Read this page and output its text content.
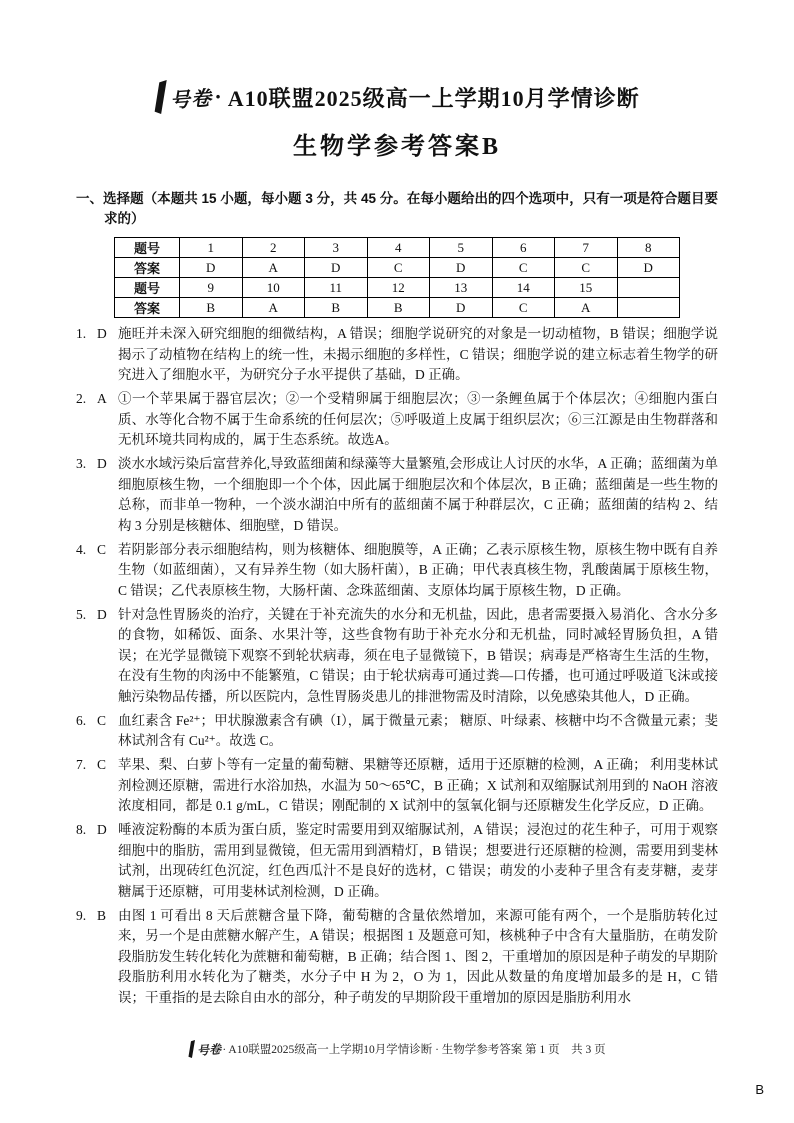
号卷 · A10联盟2025级高一上学期10月学情诊断
生物学参考答案B
一、选择题（本题共 15 小题，每小题 3 分，共 45 分。在每小题给出的四个选项中，只有一项是符合题目要求的）
题号	1	2	3	4	5	6	7	8
答案	D	A	D	C	D	C	C	D
题号	9	10	11	12	13	14	15	
答案	B	A	B	B	D	C	A	
1. D 施旺并未深入研究细胞的细微结构，A 错误；细胞学说研究的对象是一切动植物，B 错误；细胞学说揭示了动植物在结构上的统一性，未揭示细胞的多样性，C 错误；细胞学说的建立标志着生物学的研究进入了细胞水平，为研究分子水平提供了基础，D 正确。
2. A ①一个苹果属于器官层次；②一个受精卵属于细胞层次；③一条鲤鱼属于个体层次；④细胞内蛋白质、水等化合物不属于生命系统的任何层次；⑤呼吸道上皮属于组织层次；⑥三江源是由生物群落和无机环境共同构成的，属于生态系统。故选A。
3. D 淡水水域污染后富营养化,导致蓝细菌和绿藻等大量繁殖,会形成让人讨厌的水华，A 正确；蓝细菌为单细胞原核生物，一个细胞即一个个体，因此属于细胞层次和个体层次，B 正确；蓝细菌是一些生物的总称，而非单一物种，一个淡水湖泊中所有的蓝细菌不属于种群层次，C 正确；蓝细菌的结构 2、结构 3 分别是核糖体、细胞壁，D 错误。
4. C 若阴影部分表示细胞结构，则为核糖体、细胞膜等，A 正确；乙表示原核生物，原核生物中既有自养生物（如蓝细菌），又有异养生物（如大肠杆菌），B 正确；甲代表真核生物，乳酸菌属于原核生物，C 错误；乙代表原核生物，大肠杆菌、念珠蓝细菌、支原体均属于原核生物，D 正确。
5. D 针对急性胃肠炎的治疗，关键在于补充流失的水分和无机盐，因此，患者需要摄入易消化、含水分多的食物，如稀饭、面条、水果汁等，这些食物有助于补充水分和无机盐，同时减轻胃肠负担，A 错误；在光学显微镜下观察不到轮状病毒，须在电子显微镜下，B 错误；病毒是严格寄生生活的生物，在没有生物的肉汤中不能繁殖，C 错误；由于轮状病毒可通过粪—口传播，也可通过呼吸道飞沫或接触污染物品传播，所以医院内，急性胃肠炎患儿的排泄物需及时清除，以免感染其他人，D 正确。
6. C 血红素含 Fe²⁺；甲状腺激素含有碘（I），属于微量元素； 糖原、叶绿素、核糖中均不含微量元素；斐林试剂含有 Cu²⁺。故选 C。
7. C 苹果、梨、白萝卜等有一定量的葡萄糖、果糖等还原糖，适用于还原糖的检测，A 正确； 利用斐林试剂检测还原糖，需进行水浴加热，水温为 50～65℃，B 正确；X 试剂和双缩脲试剂用到的 NaOH 溶液浓度相同，都是 0.1 g/mL，C 错误；刚配制的 X 试剂中的氢氧化铜与还原糖发生化学反应，D 正确。
8. D 唾液淀粉酶的本质为蛋白质，鉴定时需要用到双缩脲试剂，A 错误；浸泡过的花生种子，可用于观察细胞中的脂肪，需用到显微镜，但无需用到酒精灯，B 错误；想要进行还原糖的检测，需要用到斐林试剂，出现砖红色沉淀，红色西瓜汁不是良好的选材，C 错误；萌发的小麦种子里含有麦芽糖，麦芽糖属于还原糖，可用斐林试剂检测，D 正确。
9. B 由图 1 可看出 8 天后蔗糖含量下降，葡萄糖的含量依然增加，来源可能有两个，一个是脂肪转化过来，另一个是由蔗糖水解产生，A 错误；根据图 1 及题意可知，核桃种子中含有大量脂肪，在萌发阶段脂肪发生转化转化为蔗糖和葡萄糖，B 正确；结合图 1、图 2，干重增加的原因是种子萌发的早期阶段脂肪利用水转化为了糖类，水分子中 H 为 2，O 为 1，因此从数量的角度增加最多的是 H，C 错误；干重指的是去除自由水的部分，种子萌发的早期阶段干重增加的原因是脂肪利用水
号卷 · A10联盟2025级高一上学期10月学情诊断 · 生物学参考答案 第 1 页　共 3 页
B
